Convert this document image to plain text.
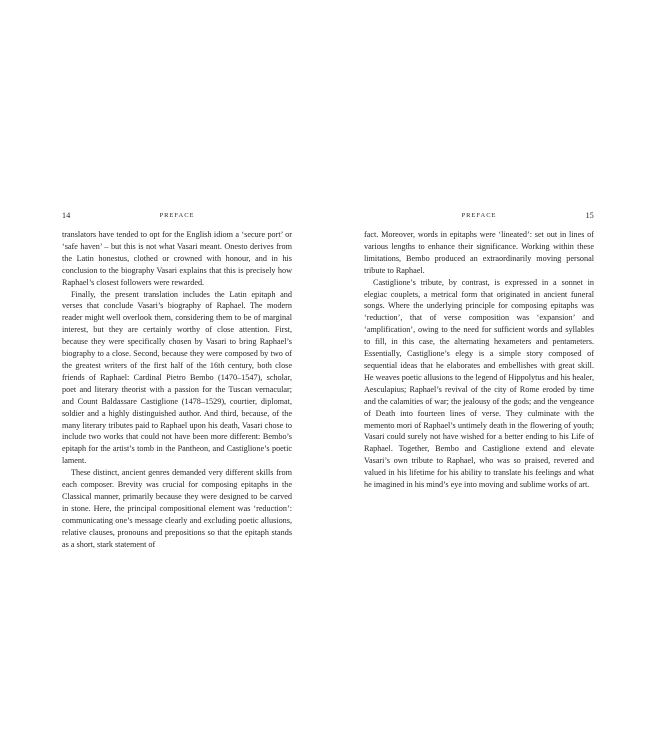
14	PREFACE

translators have tended to opt for the English idiom a ‘secure port’ or ‘safe haven’ – but this is not what Vasari meant. Onesto derives from the Latin honestus, clothed or crowned with honour, and in his conclusion to the biography Vasari explains that this is precisely how Raphael’s closest followers were rewarded.

Finally, the present translation includes the Latin epitaph and verses that conclude Vasari’s biography of Raphael. The modern reader might well overlook them, considering them to be of marginal interest, but they are certainly worthy of close attention. First, because they were specifically chosen by Vasari to bring Raphael’s biography to a close. Second, because they were composed by two of the greatest writers of the first half of the 16th century, both close friends of Raphael: Cardinal Pietro Bembo (1470–1547), scholar, poet and literary theorist with a passion for the Tuscan vernacular; and Count Baldassare Castiglione (1478–1529), courtier, diplomat, soldier and a highly distinguished author. And third, because, of the many literary tributes paid to Raphael upon his death, Vasari chose to include two works that could not have been more different: Bembo’s epitaph for the artist’s tomb in the Pantheon, and Castiglione’s poetic lament.

These distinct, ancient genres demanded very different skills from each composer. Brevity was crucial for composing epitaphs in the Classical manner, primarily because they were designed to be carved in stone. Here, the principal compositional element was ‘reduction’: communicating one’s message clearly and excluding poetic allusions, relative clauses, pronouns and prepositions so that the epitaph stands as a short, stark statement of

PREFACE	15

fact. Moreover, words in epitaphs were ‘lineated’: set out in lines of various lengths to enhance their significance. Working within these limitations, Bembo produced an extraordinarily moving personal tribute to Raphael.

Castiglione’s tribute, by contrast, is expressed in a sonnet in elegiac couplets, a metrical form that originated in ancient funeral songs. Where the underlying principle for composing epitaphs was ‘reduction’, that of verse composition was ‘expansion’ and ‘amplification’, owing to the need for sufficient words and syllables to fill, in this case, the alternating hexameters and pentameters. Essentially, Castiglione’s elegy is a simple story composed of sequential ideas that he elaborates and embellishes with great skill. He weaves poetic allusions to the legend of Hippolytus and his healer, Aesculapius; Raphael’s revival of the city of Rome eroded by time and the calamities of war; the jealousy of the gods; and the vengeance of Death into fourteen lines of verse. They culminate with the memento mori of Raphael’s untimely death in the flowering of youth; Vasari could surely not have wished for a better ending to his Life of Raphael. Together, Bembo and Castiglione extend and elevate Vasari’s own tribute to Raphael, who was so praised, revered and valued in his lifetime for his ability to translate his feelings and what he imagined in his mind’s eye into moving and sublime works of art.
